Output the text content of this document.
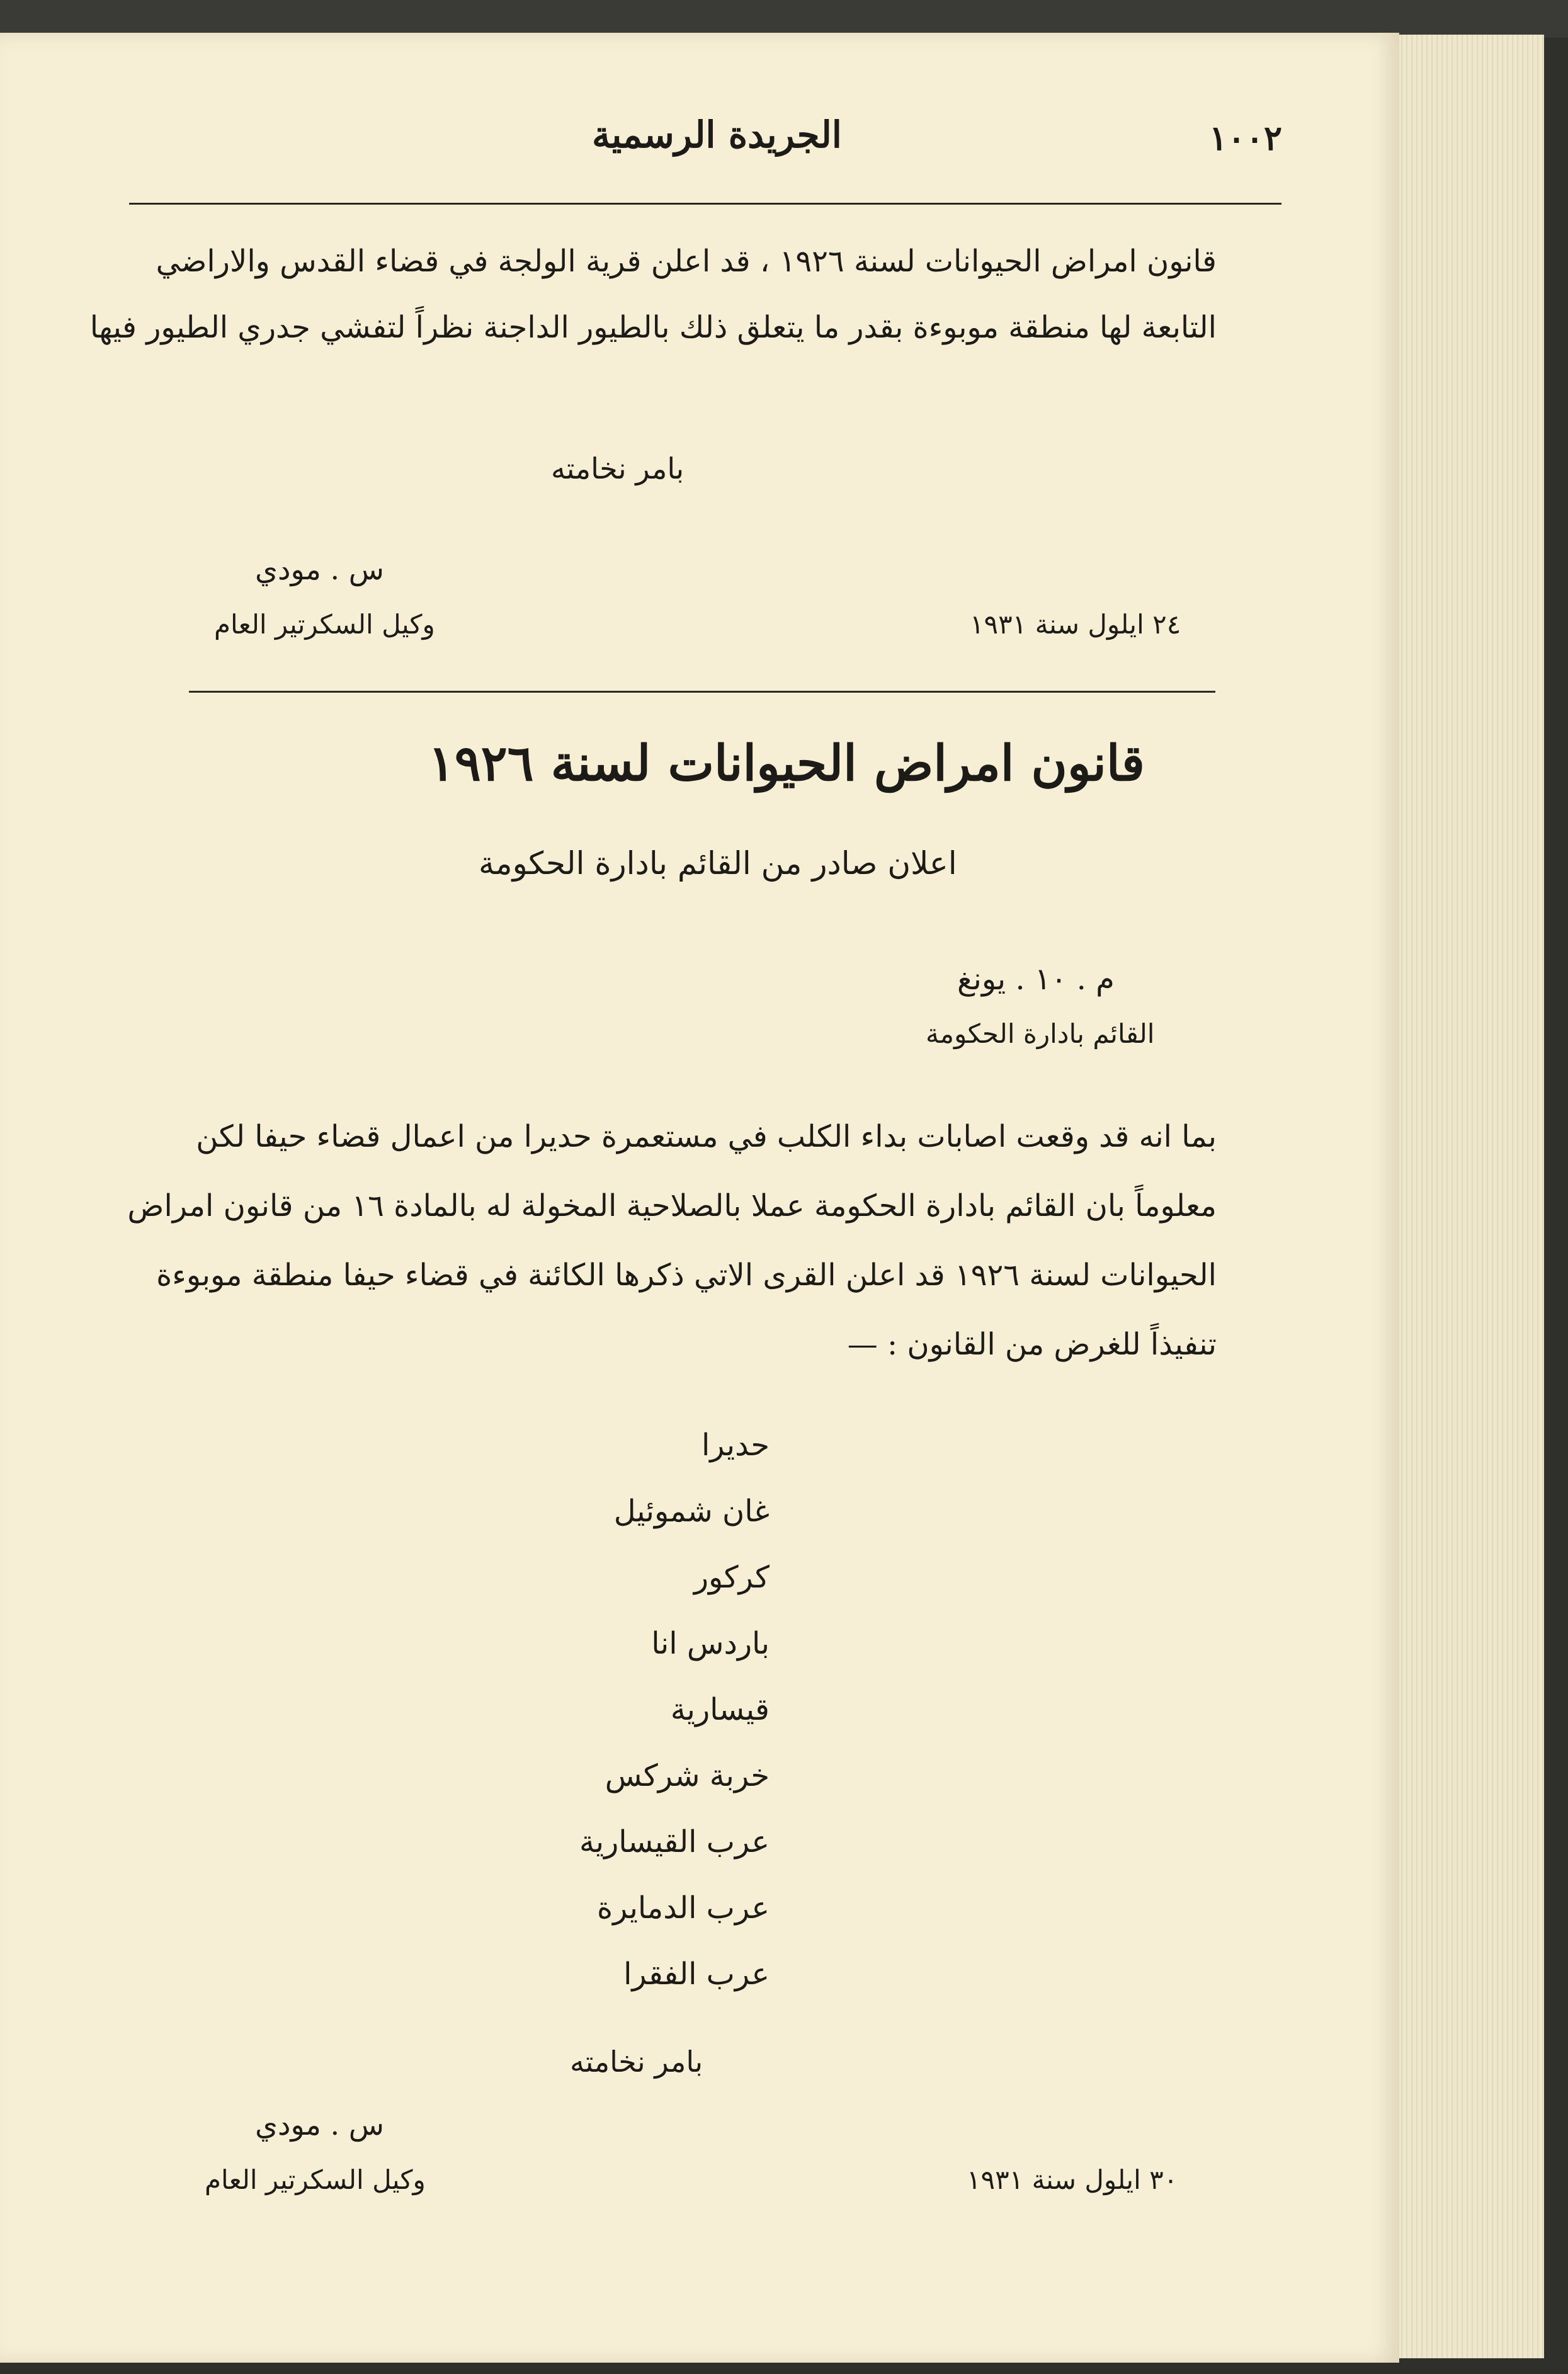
١٠٠٢
الجريدة الرسمية
قانون امراض الحيوانات لسنة ١٩٢٦ ، قد اعلن قرية الولجة في قضاء القدس والاراضي
التابعة لها منطقة موبوءة بقدر ما يتعلق ذلك بالطيور الداجنة نظراً لتفشي جدري الطيور فيها
بامر نخامته
س . مودي
وكيل السكرتير العام	٢٤ ايلول سنة ١٩٣١
قانون امراض الحيوانات لسنة ١٩٢٦
اعلان صادر من القائم بادارة الحكومة
م . ١٠ . يونغ
القائم بادارة الحكومة
بما انه قد وقعت اصابات بداء الكلب في مستعمرة حديرا من اعمال قضاء حيفا لكن
معلوماً بان القائم بادارة الحكومة عملا بالصلاحية المخولة له بالمادة ١٦ من قانون امراض
الحيوانات لسنة ١٩٢٦ قد اعلن القرى الاتي ذكرها الكائنة في قضاء حيفا منطقة موبوءة
تنفيذاً للغرض من القانون : —
حديرا
غان شموئيل
كركور
باردس انا
قيسارية
خربة شركس
عرب القيسارية
عرب الدمايرة
عرب الفقرا
بامر نخامته
س . مودي
وكيل السكرتير العام	٣٠ ايلول سنة ١٩٣١
